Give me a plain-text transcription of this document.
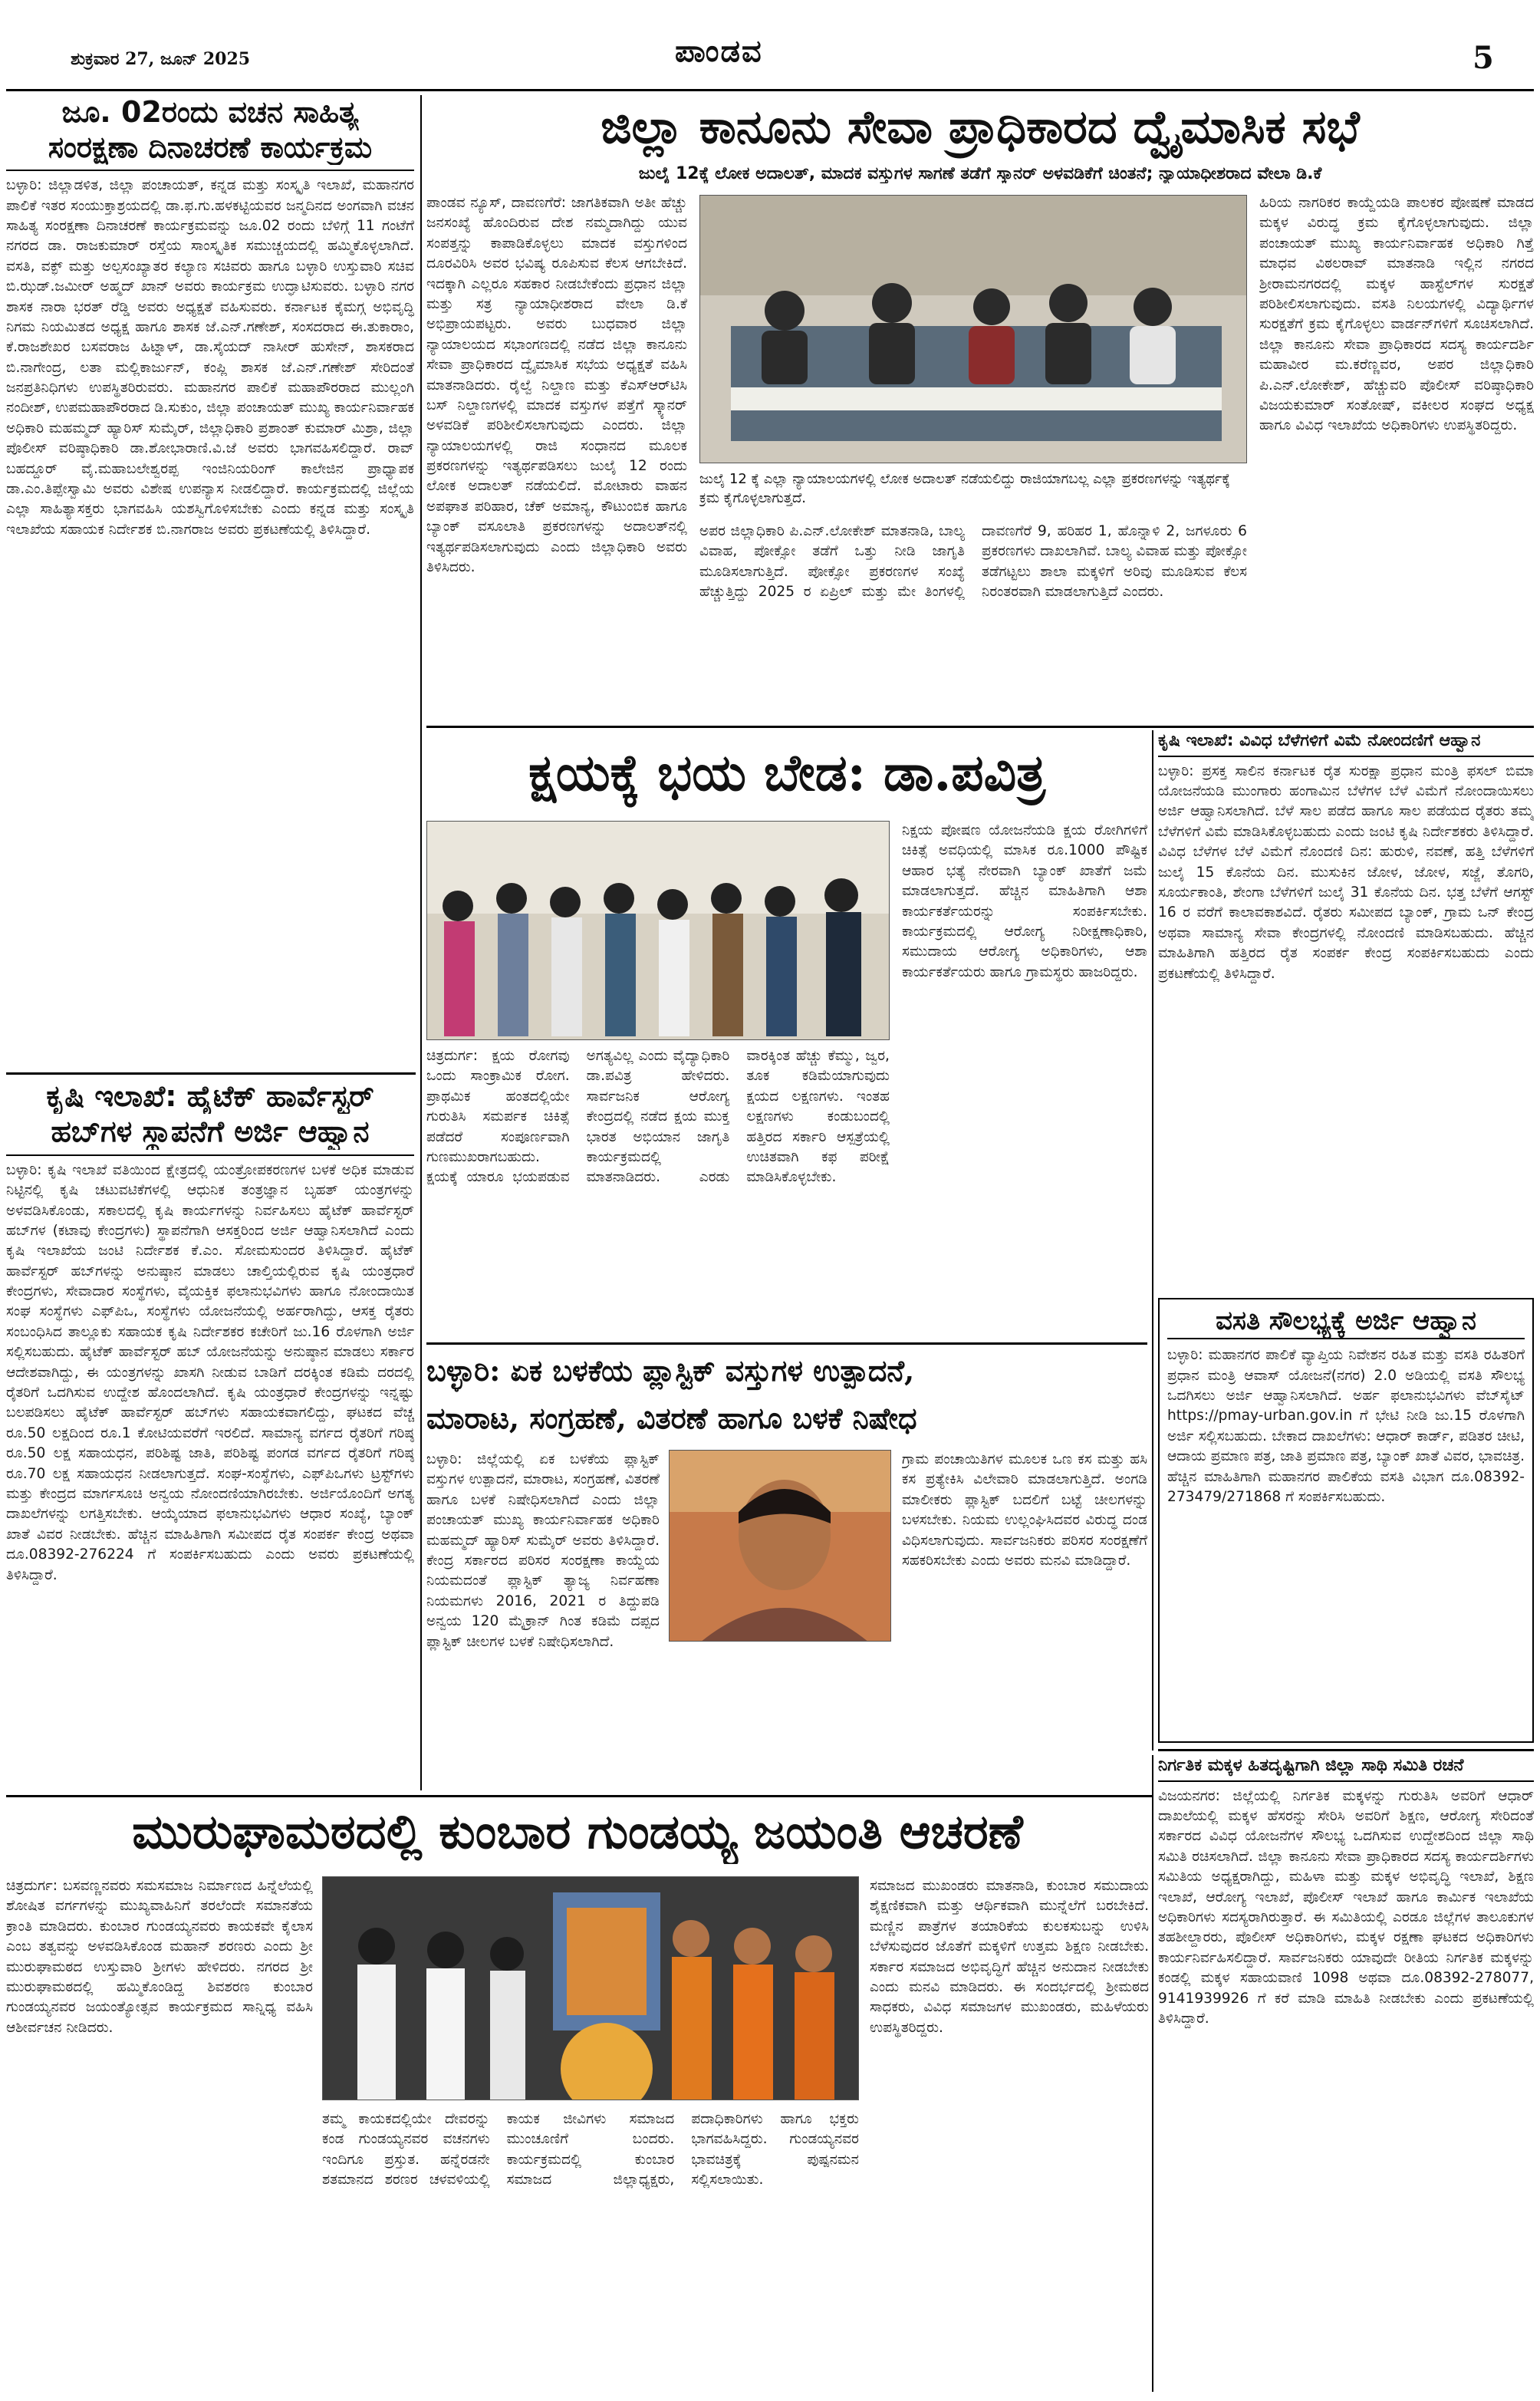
ಶುಕ್ರವಾರ 27, ಜೂನ್ 2025	ಪಾಂಡವ	5
ಜೂ. 02ರಂದು ವಚನ ಸಾಹಿತ್ಯ
ಸಂರಕ್ಷಣಾ ದಿನಾಚರಣೆ ಕಾರ್ಯಕ್ರಮ
ಬಳ್ಳಾರಿ: ಜಿಲ್ಲಾಡಳಿತ, ಜಿಲ್ಲಾ ಪಂಚಾಯತ್, ಕನ್ನಡ ಮತ್ತು ಸಂಸ್ಕೃತಿ ಇಲಾಖೆ, ಮಹಾನಗರ ಪಾಲಿಕೆ ಇತರ ಸಂಯುಕ್ತಾಶ್ರಯದಲ್ಲಿ ಡಾ.ಫ.ಗು.ಹಳಕಟ್ಟಿಯವರ ಜನ್ಮದಿನದ ಅಂಗವಾಗಿ ವಚನ ಸಾಹಿತ್ಯ ಸಂರಕ್ಷಣಾ ದಿನಾಚರಣೆ ಕಾರ್ಯಕ್ರಮವನ್ನು ಜೂ.02 ರಂದು ಬೆಳಿಗ್ಗೆ 11 ಗಂಟೆಗೆ ನಗರದ ಡಾ. ರಾಜಕುಮಾರ್ ರಸ್ತೆಯ ಸಾಂಸ್ಕೃತಿಕ ಸಮುಚ್ಚಯದಲ್ಲಿ ಹಮ್ಮಿಕೊಳ್ಳಲಾಗಿದೆ. ವಸತಿ, ವಕ್ಫ್ ಮತ್ತು ಅಲ್ಪಸಂಖ್ಯಾತರ ಕಲ್ಯಾಣ ಸಚಿವರು ಹಾಗೂ ಬಳ್ಳಾರಿ ಉಸ್ತುವಾರಿ ಸಚಿವ ಬಿ.ಝಡ್.ಜಮೀರ್ ಅಹ್ಮದ್ ಖಾನ್ ಅವರು ಕಾರ್ಯಕ್ರಮ ಉದ್ಘಾಟಿಸುವರು. ಬಳ್ಳಾರಿ ನಗರ ಶಾಸಕ ನಾರಾ ಭರತ್ ರೆಡ್ಡಿ ಅವರು ಅಧ್ಯಕ್ಷತೆ ವಹಿಸುವರು. ಕರ್ನಾಟಕ ಕೈಮಗ್ಗ ಅಭಿವೃದ್ಧಿ ನಿಗಮ ನಿಯಮಿತದ ಅಧ್ಯಕ್ಷ ಹಾಗೂ ಶಾಸಕ ಜೆ.ಎನ್.ಗಣೇಶ್, ಸಂಸದರಾದ ಈ.ತುಕಾರಾಂ, ಕೆ.ರಾಜಶೇಖರ ಬಸವರಾಜ ಹಿಟ್ನಾಳ್, ಡಾ.ಸೈಯದ್ ನಾಸೀರ್ ಹುಸೇನ್, ಶಾಸಕರಾದ ಬಿ.ನಾಗೇಂದ್ರ, ಲತಾ ಮಲ್ಲಿಕಾರ್ಜುನ್, ಕಂಪ್ಲಿ ಶಾಸಕ ಜೆ.ಎನ್.ಗಣೇಶ್ ಸೇರಿದಂತೆ ಜನಪ್ರತಿನಿಧಿಗಳು ಉಪಸ್ಥಿತರಿರುವರು. ಮಹಾನಗರ ಪಾಲಿಕೆ ಮಹಾಪೌರರಾದ ಮುಲ್ಲಂಗಿ ನಂದೀಶ್, ಉಪಮಹಾಪೌರರಾದ ಡಿ.ಸುಕುಂ, ಜಿಲ್ಲಾ ಪಂಚಾಯತ್ ಮುಖ್ಯ ಕಾರ್ಯನಿರ್ವಾಹಕ ಅಧಿಕಾರಿ ಮಹಮ್ಮದ್ ಹ್ಯಾರಿಸ್ ಸುಮೈರ್, ಜಿಲ್ಲಾಧಿಕಾರಿ ಪ್ರಶಾಂತ್ ಕುಮಾರ್ ಮಿಶ್ರಾ, ಜಿಲ್ಲಾ ಪೊಲೀಸ್ ವರಿಷ್ಠಾಧಿಕಾರಿ ಡಾ.ಶೋಭಾರಾಣಿ.ವಿ.ಜೆ ಅವರು ಭಾಗವಹಿಸಲಿದ್ದಾರೆ. ರಾವ್ ಬಹದ್ದೂರ್ ವೈ.ಮಹಾಬಲೇಶ್ವರಪ್ಪ ಇಂಜಿನಿಯರಿಂಗ್ ಕಾಲೇಜಿನ ಪ್ರಾಧ್ಯಾಪಕ ಡಾ.ಎಂ.ತಿಪ್ಪೇಸ್ವಾಮಿ ಅವರು ವಿಶೇಷ ಉಪನ್ಯಾಸ ನೀಡಲಿದ್ದಾರೆ. ಕಾರ್ಯಕ್ರಮದಲ್ಲಿ ಜಿಲ್ಲೆಯ ಎಲ್ಲಾ ಸಾಹಿತ್ಯಾಸಕ್ತರು ಭಾಗವಹಿಸಿ ಯಶಸ್ವಿಗೊಳಿಸಬೇಕು ಎಂದು ಕನ್ನಡ ಮತ್ತು ಸಂಸ್ಕೃತಿ ಇಲಾಖೆಯ ಸಹಾಯಕ ನಿರ್ದೇಶಕ ಬಿ.ನಾಗರಾಜ ಅವರು ಪ್ರಕಟಣೆಯಲ್ಲಿ ತಿಳಿಸಿದ್ದಾರೆ.
ಕೃಷಿ ಇಲಾಖೆ: ಹೈಟೆಕ್ ಹಾರ್ವೆಸ್ಟರ್
ಹಬ್‌ಗಳ ಸ್ಥಾಪನೆಗೆ ಅರ್ಜಿ ಆಹ್ವಾನ
ಬಳ್ಳಾರಿ: ಕೃಷಿ ಇಲಾಖೆ ವತಿಯಿಂದ ಕ್ಷೇತ್ರದಲ್ಲಿ ಯಂತ್ರೋಪಕರಣಗಳ ಬಳಕೆ ಅಧಿಕ ಮಾಡುವ ನಿಟ್ಟಿನಲ್ಲಿ ಕೃಷಿ ಚಟುವಟಿಕೆಗಳಲ್ಲಿ ಆಧುನಿಕ ತಂತ್ರಜ್ಞಾನ ಬೃಹತ್ ಯಂತ್ರಗಳನ್ನು ಅಳವಡಿಸಿಕೊಂಡು, ಸಕಾಲದಲ್ಲಿ ಕೃಷಿ ಕಾರ್ಯಗಳನ್ನು ನಿರ್ವಹಿಸಲು ಹೈಟೆಕ್ ಹಾರ್ವೆಸ್ಟರ್ ಹಬ್‌ಗಳ (ಕಟಾವು ಕೇಂದ್ರಗಳು) ಸ್ಥಾಪನೆಗಾಗಿ ಆಸಕ್ತರಿಂದ ಅರ್ಜಿ ಆಹ್ವಾನಿಸಲಾಗಿದೆ ಎಂದು ಕೃಷಿ ಇಲಾಖೆಯ ಜಂಟಿ ನಿರ್ದೇಶಕ ಕೆ.ಎಂ. ಸೋಮಸುಂದರ ತಿಳಿಸಿದ್ದಾರೆ. ಹೈಟೆಕ್ ಹಾರ್ವೆಸ್ಟರ್ ಹಬ್‌ಗಳನ್ನು ಅನುಷ್ಠಾನ ಮಾಡಲು ಚಾಲ್ತಿಯಲ್ಲಿರುವ ಕೃಷಿ ಯಂತ್ರಧಾರೆ ಕೇಂದ್ರಗಳು, ಸೇವಾದಾರ ಸಂಸ್ಥೆಗಳು, ವೈಯಕ್ತಿಕ ಫಲಾನುಭವಿಗಳು ಹಾಗೂ ನೋಂದಾಯಿತ ಸಂಘ ಸಂಸ್ಥೆಗಳು ಎಫ್‌ಪಿಒ, ಸಂಸ್ಥೆಗಳು ಯೋಜನೆಯಲ್ಲಿ ಅರ್ಹರಾಗಿದ್ದು, ಆಸಕ್ತ ರೈತರು ಸಂಬಂಧಿಸಿದ ತಾಲ್ಲೂಕು ಸಹಾಯಕ ಕೃಷಿ ನಿರ್ದೇಶಕರ ಕಚೇರಿಗೆ ಜು.16 ರೊಳಗಾಗಿ ಅರ್ಜಿ ಸಲ್ಲಿಸಬಹುದು. ಹೈಟೆಕ್ ಹಾರ್ವೆಸ್ಟರ್ ಹಬ್ ಯೋಜನೆಯನ್ನು ಅನುಷ್ಠಾನ ಮಾಡಲು ಸರ್ಕಾರ ಆದೇಶವಾಗಿದ್ದು, ಈ ಯಂತ್ರಗಳನ್ನು ಖಾಸಗಿ ನೀಡುವ ಬಾಡಿಗೆ ದರಕ್ಕಿಂತ ಕಡಿಮೆ ದರದಲ್ಲಿ ರೈತರಿಗೆ ಒದಗಿಸುವ ಉದ್ದೇಶ ಹೊಂದಲಾಗಿದೆ. ಕೃಷಿ ಯಂತ್ರಧಾರೆ ಕೇಂದ್ರಗಳನ್ನು ಇನ್ನಷ್ಟು ಬಲಪಡಿಸಲು ಹೈಟೆಕ್ ಹಾರ್ವೆಸ್ಟರ್ ಹಬ್‌ಗಳು ಸಹಾಯಕವಾಗಲಿದ್ದು, ಘಟಕದ ವೆಚ್ಚ ರೂ.50 ಲಕ್ಷದಿಂದ ರೂ.1 ಕೋಟಿಯವರೆಗೆ ಇರಲಿದೆ. ಸಾಮಾನ್ಯ ವರ್ಗದ ರೈತರಿಗೆ ಗರಿಷ್ಠ ರೂ.50 ಲಕ್ಷ ಸಹಾಯಧನ, ಪರಿಶಿಷ್ಟ ಜಾತಿ, ಪರಿಶಿಷ್ಟ ಪಂಗಡ ವರ್ಗದ ರೈತರಿಗೆ ಗರಿಷ್ಠ ರೂ.70 ಲಕ್ಷ ಸಹಾಯಧನ ನೀಡಲಾಗುತ್ತದೆ. ಸಂಘ-ಸಂಸ್ಥೆಗಳು, ಎಫ್‌ಪಿಒಗಳು ಟ್ರಸ್ಟ್‌ಗಳು ಮತ್ತು ಕೇಂದ್ರದ ಮಾರ್ಗಸೂಚಿ ಅನ್ವಯ ನೋಂದಣಿಯಾಗಿರಬೇಕು. ಅರ್ಜಿಯೊಂದಿಗೆ ಅಗತ್ಯ ದಾಖಲೆಗಳನ್ನು ಲಗತ್ತಿಸಬೇಕು. ಆಯ್ಕೆಯಾದ ಫಲಾನುಭವಿಗಳು ಆಧಾರ ಸಂಖ್ಯೆ, ಬ್ಯಾಂಕ್ ಖಾತೆ ವಿವರ ನೀಡಬೇಕು. ಹೆಚ್ಚಿನ ಮಾಹಿತಿಗಾಗಿ ಸಮೀಪದ ರೈತ ಸಂಪರ್ಕ ಕೇಂದ್ರ ಅಥವಾ ದೂ.08392-276224 ಗೆ ಸಂಪರ್ಕಿಸಬಹುದು ಎಂದು ಅವರು ಪ್ರಕಟಣೆಯಲ್ಲಿ ತಿಳಿಸಿದ್ದಾರೆ.
ಜಿಲ್ಲಾ ಕಾನೂನು ಸೇವಾ ಪ್ರಾಧಿಕಾರದ ದ್ವೈಮಾಸಿಕ ಸಭೆ
ಜುಲೈ 12ಕ್ಕೆ ಲೋಕ ಅದಾಲತ್, ಮಾದಕ ವಸ್ತುಗಳ ಸಾಗಣೆ ತಡೆಗೆ ಸ್ಕ್ಯಾನರ್ ಅಳವಡಿಕೆಗೆ ಚಿಂತನೆ; ನ್ಯಾಯಾಧೀಶರಾದ ವೇಲಾ ಡಿ.ಕೆ
ಪಾಂಡವ ನ್ಯೂಸ್, ದಾವಣಗೆರೆ: ಜಾಗತಿಕವಾಗಿ ಅತೀ ಹೆಚ್ಚು ಜನಸಂಖ್ಯೆ ಹೊಂದಿರುವ ದೇಶ ನಮ್ಮದಾಗಿದ್ದು ಯುವ ಸಂಪತ್ತನ್ನು ಕಾಪಾಡಿಕೊಳ್ಳಲು ಮಾದಕ ವಸ್ತುಗಳಿಂದ ದೂರವಿರಿಸಿ ಅವರ ಭವಿಷ್ಯ ರೂಪಿಸುವ ಕೆಲಸ ಆಗಬೇಕಿದೆ. ಇದಕ್ಕಾಗಿ ಎಲ್ಲರೂ ಸಹಕಾರ ನೀಡಬೇಕೆಂದು ಪ್ರಧಾನ ಜಿಲ್ಲಾ ಮತ್ತು ಸತ್ರ ನ್ಯಾಯಾಧೀಶರಾದ ವೇಲಾ ಡಿ.ಕೆ ಅಭಿಪ್ರಾಯಪಟ್ಟರು. ಅವರು ಬುಧವಾರ ಜಿಲ್ಲಾ ನ್ಯಾಯಾಲಯದ ಸಭಾಂಗಣದಲ್ಲಿ ನಡೆದ ಜಿಲ್ಲಾ ಕಾನೂನು ಸೇವಾ ಪ್ರಾಧಿಕಾರದ ದ್ವೈಮಾಸಿಕ ಸಭೆಯ ಅಧ್ಯಕ್ಷತೆ ವಹಿಸಿ ಮಾತನಾಡಿದರು. ರೈಲ್ವೆ ನಿಲ್ದಾಣ ಮತ್ತು ಕೆಎಸ್‌ಆರ್‌ಟಿಸಿ ಬಸ್ ನಿಲ್ದಾಣಗಳಲ್ಲಿ ಮಾದಕ ವಸ್ತುಗಳ ಪತ್ತೆಗೆ ಸ್ಕ್ಯಾನರ್ ಅಳವಡಿಕೆ ಪರಿಶೀಲಿಸಲಾಗುವುದು ಎಂದರು. ಜಿಲ್ಲಾ ನ್ಯಾಯಾಲಯಗಳಲ್ಲಿ ರಾಜಿ ಸಂಧಾನದ ಮೂಲಕ ಪ್ರಕರಣಗಳನ್ನು ಇತ್ಯರ್ಥಪಡಿಸಲು ಜುಲೈ 12 ರಂದು ಲೋಕ ಅದಾಲತ್ ನಡೆಯಲಿದೆ. ಮೋಟಾರು ವಾಹನ ಅಪಘಾತ ಪರಿಹಾರ, ಚೆಕ್ ಅಮಾನ್ಯ, ಕೌಟುಂಬಿಕ ಹಾಗೂ ಬ್ಯಾಂಕ್ ವಸೂಲಾತಿ ಪ್ರಕರಣಗಳನ್ನು ಅದಾಲತ್‌ನಲ್ಲಿ ಇತ್ಯರ್ಥಪಡಿಸಲಾಗುವುದು ಎಂದು ಜಿಲ್ಲಾಧಿಕಾರಿ ಅವರು ತಿಳಿಸಿದರು.
ಜುಲೈ 12 ಕ್ಕೆ ಎಲ್ಲಾ ನ್ಯಾಯಾಲಯಗಳಲ್ಲಿ ಲೋಕ ಅದಾಲತ್ ನಡೆಯಲಿದ್ದು ರಾಜಿಯಾಗಬಲ್ಲ ಎಲ್ಲಾ ಪ್ರಕರಣಗಳನ್ನು ಇತ್ಯರ್ಥಕ್ಕೆ ಕ್ರಮ ಕೈಗೊಳ್ಳಲಾಗುತ್ತದೆ.
ಅಪರ ಜಿಲ್ಲಾಧಿಕಾರಿ ಪಿ.ಎನ್.ಲೋಕೇಶ್ ಮಾತನಾಡಿ, ಬಾಲ್ಯ ವಿವಾಹ, ಪೋಕ್ಸೋ ತಡೆಗೆ ಒತ್ತು ನೀಡಿ ಜಾಗೃತಿ ಮೂಡಿಸಲಾಗುತ್ತಿದೆ. ಪೋಕ್ಸೋ ಪ್ರಕರಣಗಳ ಸಂಖ್ಯೆ ಹೆಚ್ಚುತ್ತಿದ್ದು 2025 ರ ಏಪ್ರಿಲ್ ಮತ್ತು ಮೇ ತಿಂಗಳಲ್ಲಿ ದಾವಣಗೆರೆ 9, ಹರಿಹರ 1, ಹೊನ್ನಾಳಿ 2, ಜಗಳೂರು 6 ಪ್ರಕರಣಗಳು ದಾಖಲಾಗಿವೆ. ಬಾಲ್ಯ ವಿವಾಹ ಮತ್ತು ಪೋಕ್ಸೋ ತಡೆಗಟ್ಟಲು ಶಾಲಾ ಮಕ್ಕಳಿಗೆ ಅರಿವು ಮೂಡಿಸುವ ಕೆಲಸ ನಿರಂತರವಾಗಿ ಮಾಡಲಾಗುತ್ತಿದೆ ಎಂದರು.
ಹಿರಿಯ ನಾಗರಿಕರ ಕಾಯ್ದೆಯಡಿ ಪಾಲಕರ ಪೋಷಣೆ ಮಾಡದ ಮಕ್ಕಳ ವಿರುದ್ಧ ಕ್ರಮ ಕೈಗೊಳ್ಳಲಾಗುವುದು. ಜಿಲ್ಲಾ ಪಂಚಾಯತ್ ಮುಖ್ಯ ಕಾರ್ಯನಿರ್ವಾಹಕ ಅಧಿಕಾರಿ ಗಿತ್ತೆ ಮಾಧವ ವಿಠಲರಾವ್ ಮಾತನಾಡಿ ಇಲ್ಲಿನ ನಗರದ ಶ್ರೀರಾಮನಗರದಲ್ಲಿ ಮಕ್ಕಳ ಹಾಸ್ಟೆಲ್‌ಗಳ ಸುರಕ್ಷತೆ ಪರಿಶೀಲಿಸಲಾಗುವುದು. ವಸತಿ ನಿಲಯಗಳಲ್ಲಿ ವಿದ್ಯಾರ್ಥಿಗಳ ಸುರಕ್ಷತೆಗೆ ಕ್ರಮ ಕೈಗೊಳ್ಳಲು ವಾರ್ಡನ್‌ಗಳಿಗೆ ಸೂಚಿಸಲಾಗಿದೆ. ಜಿಲ್ಲಾ ಕಾನೂನು ಸೇವಾ ಪ್ರಾಧಿಕಾರದ ಸದಸ್ಯ ಕಾರ್ಯದರ್ಶಿ ಮಹಾವೀರ ಮ.ಕರೆಣ್ಣವರ, ಅಪರ ಜಿಲ್ಲಾಧಿಕಾರಿ ಪಿ.ಎನ್.ಲೋಕೇಶ್, ಹೆಚ್ಚುವರಿ ಪೊಲೀಸ್ ವರಿಷ್ಠಾಧಿಕಾರಿ ವಿಜಯಕುಮಾರ್ ಸಂತೋಷ್, ವಕೀಲರ ಸಂಘದ ಅಧ್ಯಕ್ಷ ಹಾಗೂ ವಿವಿಧ ಇಲಾಖೆಯ ಅಧಿಕಾರಿಗಳು ಉಪಸ್ಥಿತರಿದ್ದರು.
ಕ್ಷಯಕ್ಕೆ ಭಯ ಬೇಡ: ಡಾ.ಪವಿತ್ರ
ಚಿತ್ರದುರ್ಗ: ಕ್ಷಯ ರೋಗವು ಒಂದು ಸಾಂಕ್ರಾಮಿಕ ರೋಗ. ಪ್ರಾಥಮಿಕ ಹಂತದಲ್ಲಿಯೇ ಗುರುತಿಸಿ ಸಮರ್ಪಕ ಚಿಕಿತ್ಸೆ ಪಡೆದರೆ ಸಂಪೂರ್ಣವಾಗಿ ಗುಣಮುಖರಾಗಬಹುದು. ಕ್ಷಯಕ್ಕೆ ಯಾರೂ ಭಯಪಡುವ ಅಗತ್ಯವಿಲ್ಲ ಎಂದು ವೈದ್ಯಾಧಿಕಾರಿ ಡಾ.ಪವಿತ್ರ ಹೇಳಿದರು. ಸಾರ್ವಜನಿಕ ಆರೋಗ್ಯ ಕೇಂದ್ರದಲ್ಲಿ ನಡೆದ ಕ್ಷಯ ಮುಕ್ತ ಭಾರತ ಅಭಿಯಾನ ಜಾಗೃತಿ ಕಾರ್ಯಕ್ರಮದಲ್ಲಿ ಮಾತನಾಡಿದರು. ಎರಡು ವಾರಕ್ಕಿಂತ ಹೆಚ್ಚು ಕೆಮ್ಮು, ಜ್ವರ, ತೂಕ ಕಡಿಮೆಯಾಗುವುದು ಕ್ಷಯದ ಲಕ್ಷಣಗಳು. ಇಂತಹ ಲಕ್ಷಣಗಳು ಕಂಡುಬಂದಲ್ಲಿ ಹತ್ತಿರದ ಸರ್ಕಾರಿ ಆಸ್ಪತ್ರೆಯಲ್ಲಿ ಉಚಿತವಾಗಿ ಕಫ ಪರೀಕ್ಷೆ ಮಾಡಿಸಿಕೊಳ್ಳಬೇಕು.
ನಿಕ್ಷಯ ಪೋಷಣ ಯೋಜನೆಯಡಿ ಕ್ಷಯ ರೋಗಿಗಳಿಗೆ ಚಿಕಿತ್ಸೆ ಅವಧಿಯಲ್ಲಿ ಮಾಸಿಕ ರೂ.1000 ಪೌಷ್ಟಿಕ ಆಹಾರ ಭತ್ಯೆ ನೇರವಾಗಿ ಬ್ಯಾಂಕ್ ಖಾತೆಗೆ ಜಮೆ ಮಾಡಲಾಗುತ್ತದೆ. ಹೆಚ್ಚಿನ ಮಾಹಿತಿಗಾಗಿ ಆಶಾ ಕಾರ್ಯಕರ್ತೆಯರನ್ನು ಸಂಪರ್ಕಿಸಬೇಕು. ಕಾರ್ಯಕ್ರಮದಲ್ಲಿ ಆರೋಗ್ಯ ನಿರೀಕ್ಷಣಾಧಿಕಾರಿ, ಸಮುದಾಯ ಆರೋಗ್ಯ ಅಧಿಕಾರಿಗಳು, ಆಶಾ ಕಾರ್ಯಕರ್ತೆಯರು ಹಾಗೂ ಗ್ರಾಮಸ್ಥರು ಹಾಜರಿದ್ದರು.
ಕೃಷಿ ಇಲಾಖೆ: ವಿವಿಧ ಬೆಳೆಗಳಿಗೆ ವಿಮೆ ನೋಂದಣಿಗೆ ಆಹ್ವಾನ
ಬಳ್ಳಾರಿ: ಪ್ರಸಕ್ತ ಸಾಲಿನ ಕರ್ನಾಟಕ ರೈತ ಸುರಕ್ಷಾ ಪ್ರಧಾನ ಮಂತ್ರಿ ಫಸಲ್ ಬಿಮಾ ಯೋಜನೆಯಡಿ ಮುಂಗಾರು ಹಂಗಾಮಿನ ಬೆಳೆಗಳ ಬೆಳೆ ವಿಮೆಗೆ ನೋಂದಾಯಿಸಲು ಅರ್ಜಿ ಆಹ್ವಾನಿಸಲಾಗಿದೆ. ಬೆಳೆ ಸಾಲ ಪಡೆದ ಹಾಗೂ ಸಾಲ ಪಡೆಯದ ರೈತರು ತಮ್ಮ ಬೆಳೆಗಳಿಗೆ ವಿಮೆ ಮಾಡಿಸಿಕೊಳ್ಳಬಹುದು ಎಂದು ಜಂಟಿ ಕೃಷಿ ನಿರ್ದೇಶಕರು ತಿಳಿಸಿದ್ದಾರೆ. ವಿವಿಧ ಬೆಳೆಗಳ ಬೆಳೆ ವಿಮೆಗೆ ನೊಂದಣಿ ದಿನ: ಹುರುಳಿ, ನವಣೆ, ಹತ್ತಿ ಬೆಳೆಗಳಿಗೆ ಜುಲೈ 15 ಕೊನೆಯ ದಿನ. ಮುಸುಕಿನ ಜೋಳ, ಜೋಳ, ಸಜ್ಜೆ, ತೊಗರಿ, ಸೂರ್ಯಕಾಂತಿ, ಶೇಂಗಾ ಬೆಳೆಗಳಿಗೆ ಜುಲೈ 31 ಕೊನೆಯ ದಿನ. ಭತ್ತ ಬೆಳೆಗೆ ಆಗಸ್ಟ್ 16 ರ ವರೆಗೆ ಕಾಲಾವಕಾಶವಿದೆ. ರೈತರು ಸಮೀಪದ ಬ್ಯಾಂಕ್, ಗ್ರಾಮ ಒನ್ ಕೇಂದ್ರ ಅಥವಾ ಸಾಮಾನ್ಯ ಸೇವಾ ಕೇಂದ್ರಗಳಲ್ಲಿ ನೋಂದಣಿ ಮಾಡಿಸಬಹುದು. ಹೆಚ್ಚಿನ ಮಾಹಿತಿಗಾಗಿ ಹತ್ತಿರದ ರೈತ ಸಂಪರ್ಕ ಕೇಂದ್ರ ಸಂಪರ್ಕಿಸಬಹುದು ಎಂದು ಪ್ರಕಟಣೆಯಲ್ಲಿ ತಿಳಿಸಿದ್ದಾರೆ.
ವಸತಿ ಸೌಲಭ್ಯಕ್ಕೆ ಅರ್ಜಿ ಆಹ್ವಾನ
ಬಳ್ಳಾರಿ: ಮಹಾನಗರ ಪಾಲಿಕೆ ವ್ಯಾಪ್ತಿಯ ನಿವೇಶನ ರಹಿತ ಮತ್ತು ವಸತಿ ರಹಿತರಿಗೆ ಪ್ರಧಾನ ಮಂತ್ರಿ ಆವಾಸ್ ಯೋಜನೆ(ನಗರ) 2.0 ಅಡಿಯಲ್ಲಿ ವಸತಿ ಸೌಲಭ್ಯ ಒದಗಿಸಲು ಅರ್ಜಿ ಆಹ್ವಾನಿಸಲಾಗಿದೆ. ಅರ್ಹ ಫಲಾನುಭವಿಗಳು ವೆಬ್‌ಸೈಟ್ https://pmay-urban.gov.in ಗೆ ಭೇಟಿ ನೀಡಿ ಜು.15 ರೊಳಗಾಗಿ ಅರ್ಜಿ ಸಲ್ಲಿಸಬಹುದು. ಬೇಕಾದ ದಾಖಲೆಗಳು: ಆಧಾರ್ ಕಾರ್ಡ್, ಪಡಿತರ ಚೀಟಿ, ಆದಾಯ ಪ್ರಮಾಣ ಪತ್ರ, ಜಾತಿ ಪ್ರಮಾಣ ಪತ್ರ, ಬ್ಯಾಂಕ್ ಖಾತೆ ವಿವರ, ಭಾವಚಿತ್ರ. ಹೆಚ್ಚಿನ ಮಾಹಿತಿಗಾಗಿ ಮಹಾನಗರ ಪಾಲಿಕೆಯ ವಸತಿ ವಿಭಾಗ ದೂ.08392-273479/271868 ಗೆ ಸಂಪರ್ಕಿಸಬಹುದು.
ಬಳ್ಳಾರಿ: ಏಕ ಬಳಕೆಯ ಪ್ಲಾಸ್ಟಿಕ್ ವಸ್ತುಗಳ ಉತ್ಪಾದನೆ,
ಮಾರಾಟ, ಸಂಗ್ರಹಣೆ, ವಿತರಣೆ ಹಾಗೂ ಬಳಕೆ ನಿಷೇಧ
ಬಳ್ಳಾರಿ: ಜಿಲ್ಲೆಯಲ್ಲಿ ಏಕ ಬಳಕೆಯ ಪ್ಲಾಸ್ಟಿಕ್ ವಸ್ತುಗಳ ಉತ್ಪಾದನೆ, ಮಾರಾಟ, ಸಂಗ್ರಹಣೆ, ವಿತರಣೆ ಹಾಗೂ ಬಳಕೆ ನಿಷೇಧಿಸಲಾಗಿದೆ ಎಂದು ಜಿಲ್ಲಾ ಪಂಚಾಯತ್ ಮುಖ್ಯ ಕಾರ್ಯನಿರ್ವಾಹಕ ಅಧಿಕಾರಿ ಮಹಮ್ಮದ್ ಹ್ಯಾರಿಸ್ ಸುಮೈರ್ ಅವರು ತಿಳಿಸಿದ್ದಾರೆ. ಕೇಂದ್ರ ಸರ್ಕಾರದ ಪರಿಸರ ಸಂರಕ್ಷಣಾ ಕಾಯ್ದೆಯ ನಿಯಮದಂತೆ ಪ್ಲಾಸ್ಟಿಕ್ ತ್ಯಾಜ್ಯ ನಿರ್ವಹಣಾ ನಿಯಮಗಳು 2016, 2021 ರ ತಿದ್ದುಪಡಿ ಅನ್ವಯ 120 ಮೈಕ್ರಾನ್ ಗಿಂತ ಕಡಿಮೆ ದಪ್ಪದ ಪ್ಲಾಸ್ಟಿಕ್ ಚೀಲಗಳ ಬಳಕೆ ನಿಷೇಧಿಸಲಾಗಿದೆ.
ಗ್ರಾಮ ಪಂಚಾಯಿತಿಗಳ ಮೂಲಕ ಒಣ ಕಸ ಮತ್ತು ಹಸಿ ಕಸ ಪ್ರತ್ಯೇಕಿಸಿ ವಿಲೇವಾರಿ ಮಾಡಲಾಗುತ್ತಿದೆ. ಅಂಗಡಿ ಮಾಲೀಕರು ಪ್ಲಾಸ್ಟಿಕ್ ಬದಲಿಗೆ ಬಟ್ಟೆ ಚೀಲಗಳನ್ನು ಬಳಸಬೇಕು. ನಿಯಮ ಉಲ್ಲಂಘಿಸಿದವರ ವಿರುದ್ಧ ದಂಡ ವಿಧಿಸಲಾಗುವುದು. ಸಾರ್ವಜನಿಕರು ಪರಿಸರ ಸಂರಕ್ಷಣೆಗೆ ಸಹಕರಿಸಬೇಕು ಎಂದು ಅವರು ಮನವಿ ಮಾಡಿದ್ದಾರೆ.
ನಿರ್ಗತಿಕ ಮಕ್ಕಳ ಹಿತದೃಷ್ಟಿಗಾಗಿ ಜಿಲ್ಲಾ ಸಾಥಿ ಸಮಿತಿ ರಚನೆ
ವಿಜಯನಗರ: ಜಿಲ್ಲೆಯಲ್ಲಿ ನಿರ್ಗತಿಕ ಮಕ್ಕಳನ್ನು ಗುರುತಿಸಿ ಅವರಿಗೆ ಆಧಾರ್ ದಾಖಲೆಯಲ್ಲಿ ಮಕ್ಕಳ ಹೆಸರನ್ನು ಸೇರಿಸಿ ಅವರಿಗೆ ಶಿಕ್ಷಣ, ಆರೋಗ್ಯ ಸೇರಿದಂತೆ ಸರ್ಕಾರದ ವಿವಿಧ ಯೋಜನೆಗಳ ಸೌಲಭ್ಯ ಒದಗಿಸುವ ಉದ್ದೇಶದಿಂದ ಜಿಲ್ಲಾ ಸಾಥಿ ಸಮಿತಿ ರಚಿಸಲಾಗಿದೆ. ಜಿಲ್ಲಾ ಕಾನೂನು ಸೇವಾ ಪ್ರಾಧಿಕಾರದ ಸದಸ್ಯ ಕಾರ್ಯದರ್ಶಿಗಳು ಸಮಿತಿಯ ಅಧ್ಯಕ್ಷರಾಗಿದ್ದು, ಮಹಿಳಾ ಮತ್ತು ಮಕ್ಕಳ ಅಭಿವೃದ್ಧಿ ಇಲಾಖೆ, ಶಿಕ್ಷಣ ಇಲಾಖೆ, ಆರೋಗ್ಯ ಇಲಾಖೆ, ಪೊಲೀಸ್ ಇಲಾಖೆ ಹಾಗೂ ಕಾರ್ಮಿಕ ಇಲಾಖೆಯ ಅಧಿಕಾರಿಗಳು ಸದಸ್ಯರಾಗಿರುತ್ತಾರೆ. ಈ ಸಮಿತಿಯಲ್ಲಿ ಎರಡೂ ಜಿಲ್ಲೆಗಳ ತಾಲೂಕುಗಳ ತಹಶೀಲ್ದಾರರು, ಪೊಲೀಸ್ ಅಧಿಕಾರಿಗಳು, ಮಕ್ಕಳ ರಕ್ಷಣಾ ಘಟಕದ ಅಧಿಕಾರಿಗಳು ಕಾರ್ಯನಿರ್ವಹಿಸಲಿದ್ದಾರೆ. ಸಾರ್ವಜನಿಕರು ಯಾವುದೇ ರೀತಿಯ ನಿರ್ಗತಿಕ ಮಕ್ಕಳನ್ನು ಕಂಡಲ್ಲಿ ಮಕ್ಕಳ ಸಹಾಯವಾಣಿ 1098 ಅಥವಾ ದೂ.08392-278077, 9141939926 ಗೆ ಕರೆ ಮಾಡಿ ಮಾಹಿತಿ ನೀಡಬೇಕು ಎಂದು ಪ್ರಕಟಣೆಯಲ್ಲಿ ತಿಳಿಸಿದ್ದಾರೆ.
ಮುರುಘಾಮಠದಲ್ಲಿ ಕುಂಬಾರ ಗುಂಡಯ್ಯ ಜಯಂತಿ ಆಚರಣೆ
ಚಿತ್ರದುರ್ಗ: ಬಸವಣ್ಣನವರು ಸಮಸಮಾಜ ನಿರ್ಮಾಣದ ಹಿನ್ನೆಲೆಯಲ್ಲಿ ಶೋಷಿತ ವರ್ಗಗಳನ್ನು ಮುಖ್ಯವಾಹಿನಿಗೆ ತರಲೆಂದೇ ಸಮಾನತೆಯ ಕ್ರಾಂತಿ ಮಾಡಿದರು. ಕುಂಬಾರ ಗುಂಡಯ್ಯನವರು ಕಾಯಕವೇ ಕೈಲಾಸ ಎಂಬ ತತ್ವವನ್ನು ಅಳವಡಿಸಿಕೊಂಡ ಮಹಾನ್ ಶರಣರು ಎಂದು ಶ್ರೀ ಮುರುಘಾಮಠದ ಉಸ್ತುವಾರಿ ಶ್ರೀಗಳು ಹೇಳಿದರು. ನಗರದ ಶ್ರೀ ಮುರುಘಾಮಠದಲ್ಲಿ ಹಮ್ಮಿಕೊಂಡಿದ್ದ ಶಿವಶರಣ ಕುಂಬಾರ ಗುಂಡಯ್ಯನವರ ಜಯಂತ್ಯೋತ್ಸವ ಕಾರ್ಯಕ್ರಮದ ಸಾನ್ನಿಧ್ಯ ವಹಿಸಿ ಆಶೀರ್ವಚನ ನೀಡಿದರು.
ತಮ್ಮ ಕಾಯಕದಲ್ಲಿಯೇ ದೇವರನ್ನು ಕಂಡ ಗುಂಡಯ್ಯನವರ ವಚನಗಳು ಇಂದಿಗೂ ಪ್ರಸ್ತುತ. ಹನ್ನೆರಡನೇ ಶತಮಾನದ ಶರಣರ ಚಳವಳಿಯಲ್ಲಿ ಕಾಯಕ ಜೀವಿಗಳು ಸಮಾಜದ ಮುಂಚೂಣಿಗೆ ಬಂದರು. ಕಾರ್ಯಕ್ರಮದಲ್ಲಿ ಕುಂಬಾರ ಸಮಾಜದ ಜಿಲ್ಲಾಧ್ಯಕ್ಷರು, ಪದಾಧಿಕಾರಿಗಳು ಹಾಗೂ ಭಕ್ತರು ಭಾಗವಹಿಸಿದ್ದರು. ಗುಂಡಯ್ಯನವರ ಭಾವಚಿತ್ರಕ್ಕೆ ಪುಷ್ಪನಮನ ಸಲ್ಲಿಸಲಾಯಿತು.
ಸಮಾಜದ ಮುಖಂಡರು ಮಾತನಾಡಿ, ಕುಂಬಾರ ಸಮುದಾಯ ಶೈಕ್ಷಣಿಕವಾಗಿ ಮತ್ತು ಆರ್ಥಿಕವಾಗಿ ಮುನ್ನೆಲೆಗೆ ಬರಬೇಕಿದೆ. ಮಣ್ಣಿನ ಪಾತ್ರೆಗಳ ತಯಾರಿಕೆಯ ಕುಲಕಸುಬನ್ನು ಉಳಿಸಿ ಬೆಳೆಸುವುದರ ಜೊತೆಗೆ ಮಕ್ಕಳಿಗೆ ಉತ್ತಮ ಶಿಕ್ಷಣ ನೀಡಬೇಕು. ಸರ್ಕಾರ ಸಮಾಜದ ಅಭಿವೃದ್ಧಿಗೆ ಹೆಚ್ಚಿನ ಅನುದಾನ ನೀಡಬೇಕು ಎಂದು ಮನವಿ ಮಾಡಿದರು. ಈ ಸಂದರ್ಭದಲ್ಲಿ ಶ್ರೀಮಠದ ಸಾಧಕರು, ವಿವಿಧ ಸಮಾಜಗಳ ಮುಖಂಡರು, ಮಹಿಳೆಯರು ಉಪಸ್ಥಿತರಿದ್ದರು.
